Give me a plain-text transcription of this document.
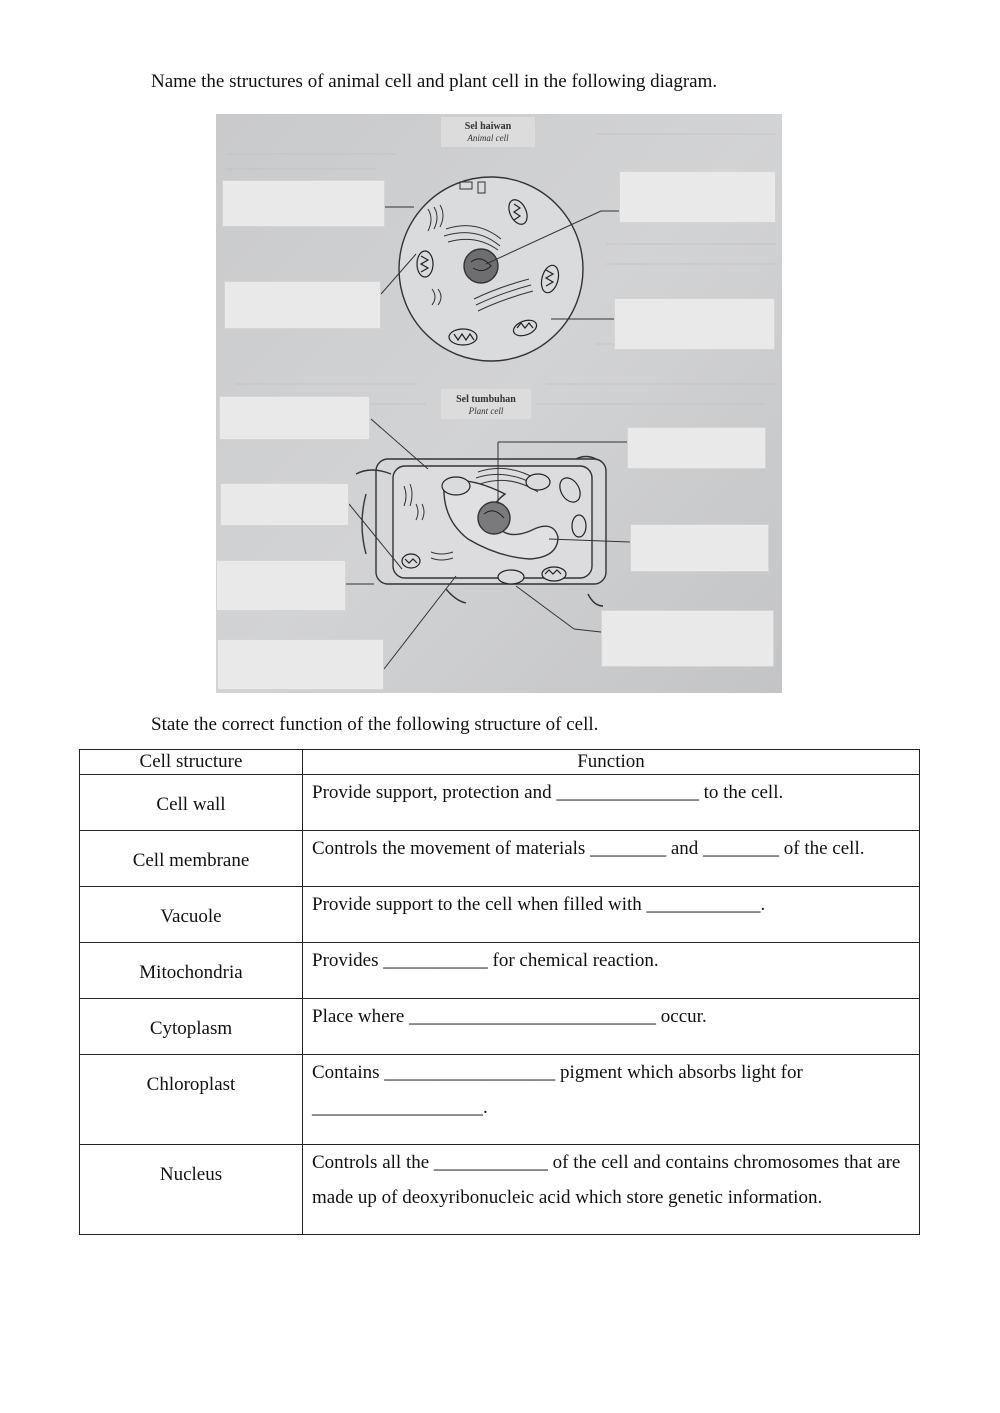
Name the structures of animal cell and plant cell in the following diagram.
Sel haiwan
Animal cell
Sel tumbuhan
Plant cell
State the correct function of the following structure of cell.
Cell structure	Function

Cell wall	Provide support, protection and _______________ to the cell.

Cell membrane	Controls the movement of materials ________ and ________ of the cell.

Vacuole	Provide support to the cell when filled with ____________.

Mitochondria	Provides ___________ for chemical reaction.

Cytoplasm	Place where __________________________ occur.

Chloroplast	Contains __________________ pigment which absorbs light for __________________.

Nucleus	Controls all the ____________ of the cell and contains chromosomes that are made up of deoxyribonucleic acid which store genetic information.
